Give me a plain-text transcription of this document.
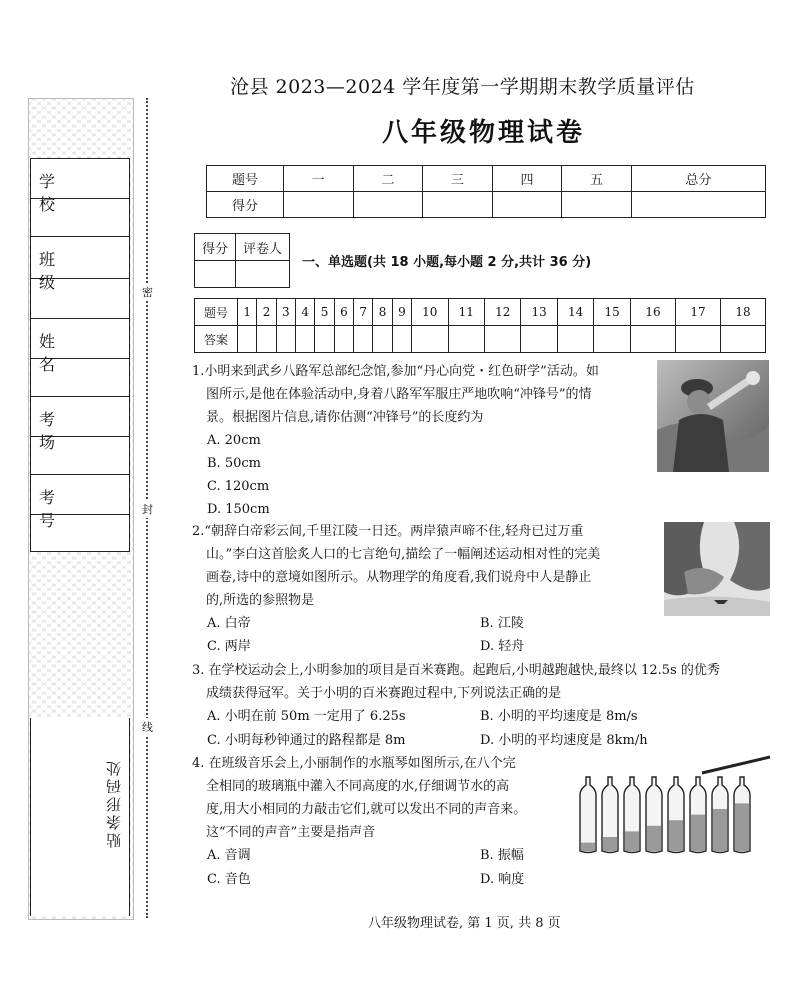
学校
班级
姓名
考场
考号
贴条形码处
密
封
线
沧县 2023—2024 学年度第一学期期末教学质量评估
八年级物理试卷
题号	一	二	三	四	五	总分
得分						
得分	评卷人

一、单选题(共 18 小题,每小题 2 分,共计 36 分)
题号	1	2	3	4	5	6	7	8	9	10	11	12	13	14	15	16	17	18
答案																		
1.小明来到武乡八路军总部纪念馆,参加“丹心向党・红色研学”活动。如
图所示,是他在体验活动中,身着八路军军服庄严地吹响“冲锋号”的情
景。根据图片信息,请你估测“冲锋号”的长度约为
A. 20cm
B. 50cm
C. 120cm
D. 150cm
2.“朝辞白帝彩云间,千里江陵一日还。两岸猿声啼不住,轻舟已过万重
山。”李白这首脍炙人口的七言绝句,描绘了一幅阐述运动相对性的完美
画卷,诗中的意境如图所示。从物理学的角度看,我们说舟中人是静止
的,所选的参照物是
A. 白帝	B. 江陵
C. 两岸	D. 轻舟
3. 在学校运动会上,小明参加的项目是百米赛跑。起跑后,小明越跑越快,最终以 12.5s 的优秀
成绩获得冠军。关于小明的百米赛跑过程中,下列说法正确的是
A. 小明在前 50m 一定用了 6.25s	B. 小明的平均速度是 8m/s
C. 小明每秒钟通过的路程都是 8m	D. 小明的平均速度是 8km/h
4. 在班级音乐会上,小丽制作的水瓶琴如图所示,在八个完
全相同的玻璃瓶中灌入不同高度的水,仔细调节水的高
度,用大小相同的力敲击它们,就可以发出不同的声音来。
这“不同的声音”主要是指声音
A. 音调	B. 振幅
C. 音色	D. 响度
八年级物理试卷, 第 1 页, 共 8 页
